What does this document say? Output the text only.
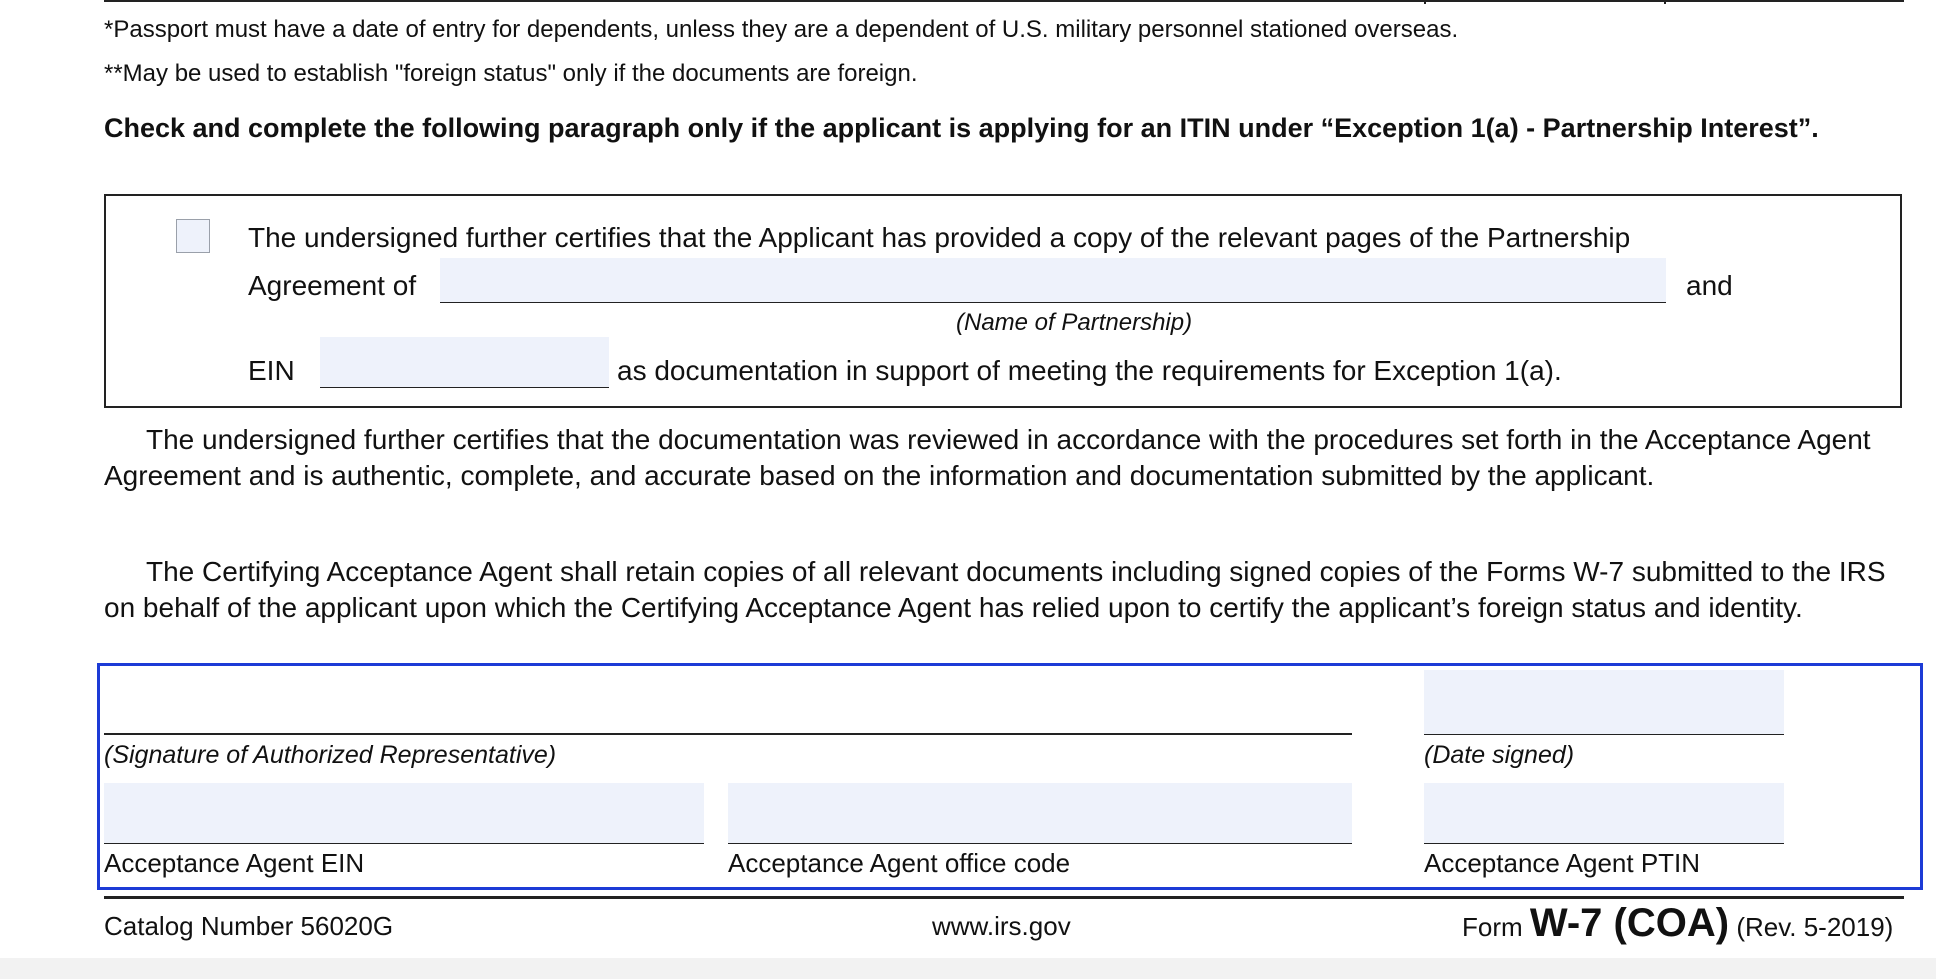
*Passport must have a date of entry for dependents, unless they are a dependent of U.S. military personnel stationed overseas.
**May be used to establish "foreign status" only if the documents are foreign.
Check and complete the following paragraph only if the applicant is applying for an ITIN under “Exception 1(a) - Partnership Interest”.
The undersigned further certifies that the Applicant has provided a copy of the relevant pages of the Partnership
Agreement of	and
(Name of Partnership)
EIN	as documentation in support of meeting the requirements for Exception 1(a).
The undersigned further certifies that the documentation was reviewed in accordance with the procedures set forth in the Acceptance Agent Agreement and is authentic, complete, and accurate based on the information and documentation submitted by the applicant.
The Certifying Acceptance Agent shall retain copies of all relevant documents including signed copies of the Forms W-7 submitted to the IRS on behalf of the applicant upon which the Certifying Acceptance Agent has relied upon to certify the applicant’s foreign status and identity.
(Signature of Authorized Representative)	(Date signed)
Acceptance Agent EIN	Acceptance Agent office code	Acceptance Agent PTIN
Catalog Number 56020G	www.irs.gov	Form W-7 (COA) (Rev. 5-2019)
